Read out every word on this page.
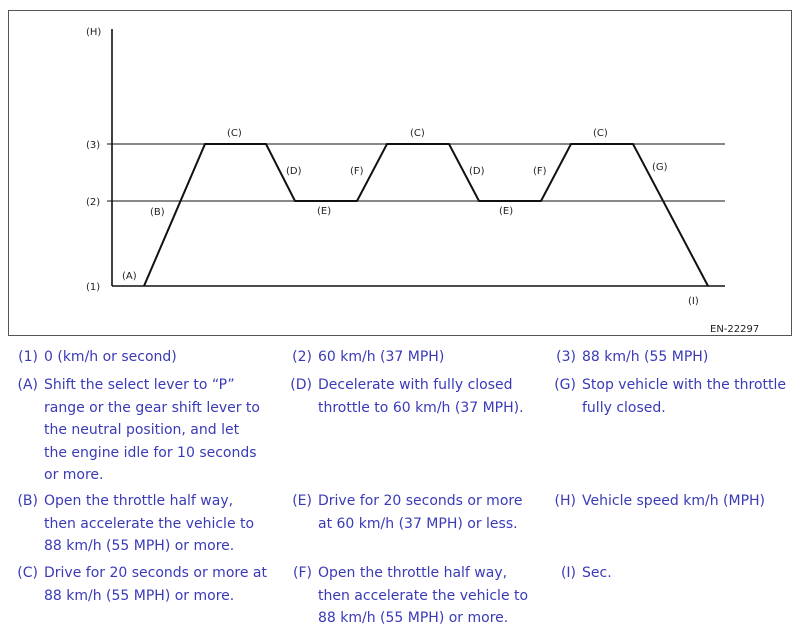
(H)
(3)
(2)
(1)
(I)
EN-22297
(A)
(B)
(C)
(D)
(E)
(F)
(C)
(D)
(E)
(F)
(C)
(G)
(1) 0 (km/h or second)	(2) 60 km/h (37 MPH)	(3) 88 km/h (55 MPH)
(A) Shift the select lever to “P” range or the gear shift lever to the neutral position, and let the engine idle for 10 seconds or more.
(D) Decelerate with fully closed throttle to 60 km/h (37 MPH).
(G) Stop vehicle with the throttle fully closed.
(B) Open the throttle half way, then accelerate the vehicle to 88 km/h (55 MPH) or more.
(E) Drive for 20 seconds or more at 60 km/h (37 MPH) or less.
(H) Vehicle speed km/h (MPH)
(C) Drive for 20 seconds or more at 88 km/h (55 MPH) or more.
(F) Open the throttle half way, then accelerate the vehicle to 88 km/h (55 MPH) or more.
(I) Sec.
